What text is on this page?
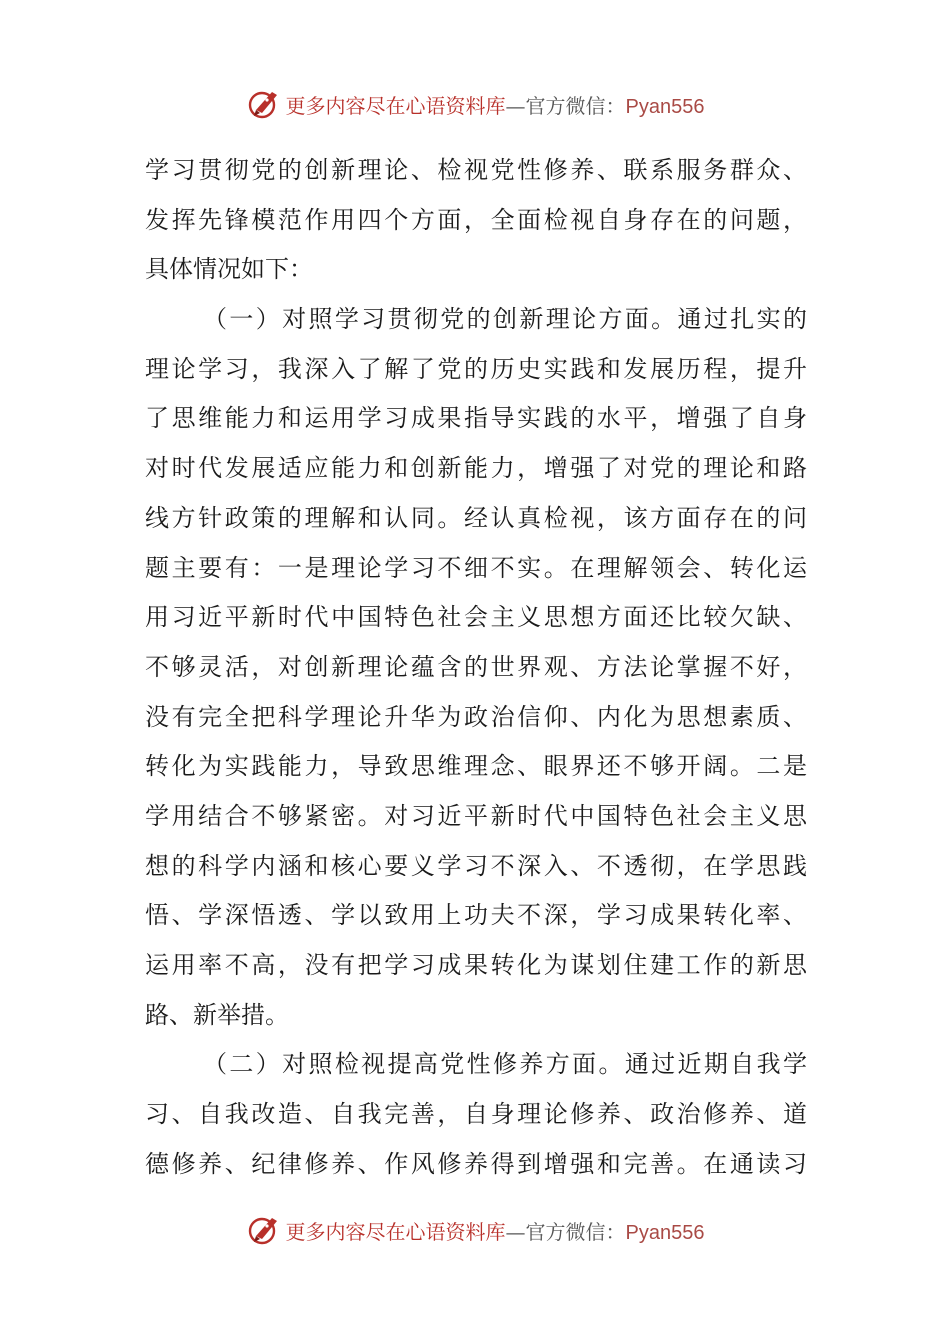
更多内容尽在心语资料库—官方微信：Pyan556
学习贯彻党的创新理论、检视党性修养、联系服务群众、
发挥先锋模范作用四个方面，全面检视自身存在的问题，
具体情况如下：
（一）对照学习贯彻党的创新理论方面。通过扎实的
理论学习，我深入了解了党的历史实践和发展历程，提升
了思维能力和运用学习成果指导实践的水平，增强了自身
对时代发展适应能力和创新能力，增强了对党的理论和路
线方针政策的理解和认同。经认真检视，该方面存在的问
题主要有：一是理论学习不细不实。在理解领会、转化运
用习近平新时代中国特色社会主义思想方面还比较欠缺、
不够灵活，对创新理论蕴含的世界观、方法论掌握不好，
没有完全把科学理论升华为政治信仰、内化为思想素质、
转化为实践能力，导致思维理念、眼界还不够开阔。二是
学用结合不够紧密。对习近平新时代中国特色社会主义思
想的科学内涵和核心要义学习不深入、不透彻，在学思践
悟、学深悟透、学以致用上功夫不深，学习成果转化率、
运用率不高，没有把学习成果转化为谋划住建工作的新思
路、新举措。
（二）对照检视提高党性修养方面。通过近期自我学
习、自我改造、自我完善，自身理论修养、政治修养、道
德修养、纪律修养、作风修养得到增强和完善。在通读习
更多内容尽在心语资料库—官方微信：Pyan556
